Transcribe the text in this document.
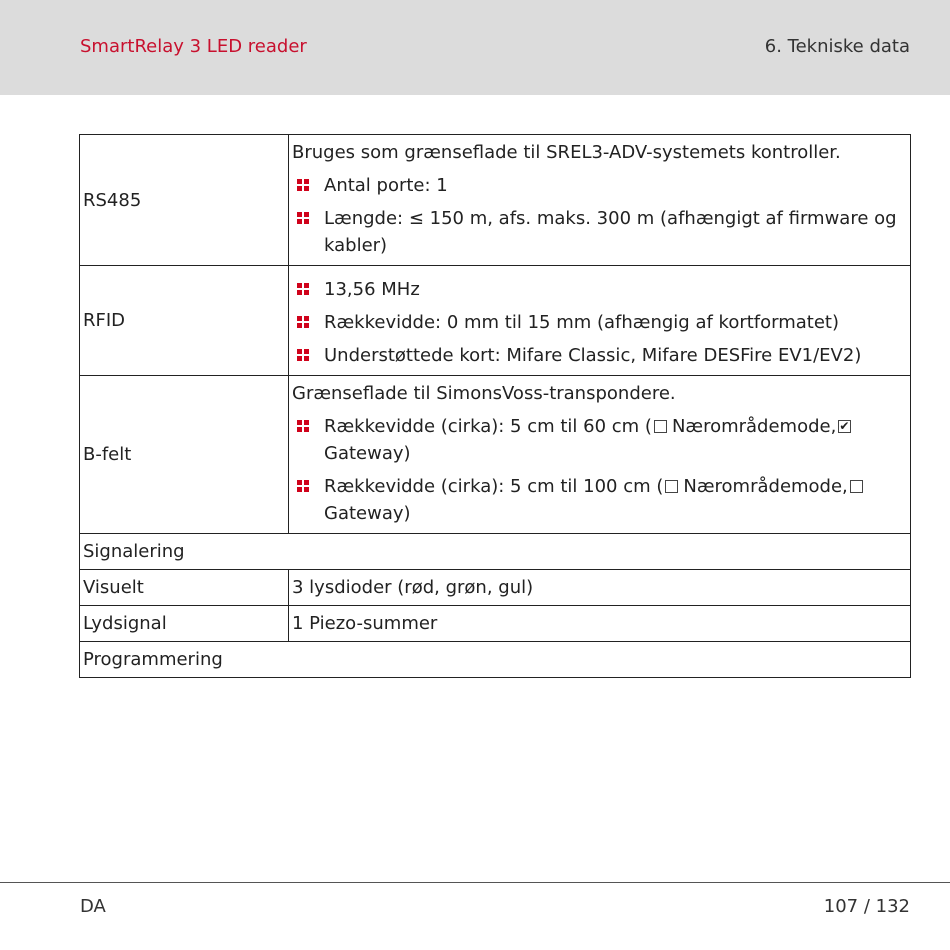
SmartRelay 3 LED reader	6. Tekniske data
RS485	Bruges som grænseflade til SREL3-ADV-systemets kontroller.
Antal porte: 1
Længde: ≤ 150 m, afs. maks. 300 m (afhængigt af firmware og kabler)

RFID	13,56 MHz
Rækkevidde: 0 mm til 15 mm (afhængig af kortformatet)
Understøttede kort: Mifare Classic, Mifare DESFire EV1/EV2)

B-felt	Grænseflade til SimonsVoss-transpondere.
Rækkevidde (cirka): 5 cm til 60 cm ( Nærområdemode,✔Gateway)
Rækkevidde (cirka): 5 cm til 100 cm ( Nærområdemode,Gateway)

Signalering	
Visuelt	3 lysdioder (rød, grøn, gul)
Lydsignal	1 Piezo-summer
Programmering	
DA	107 / 132
